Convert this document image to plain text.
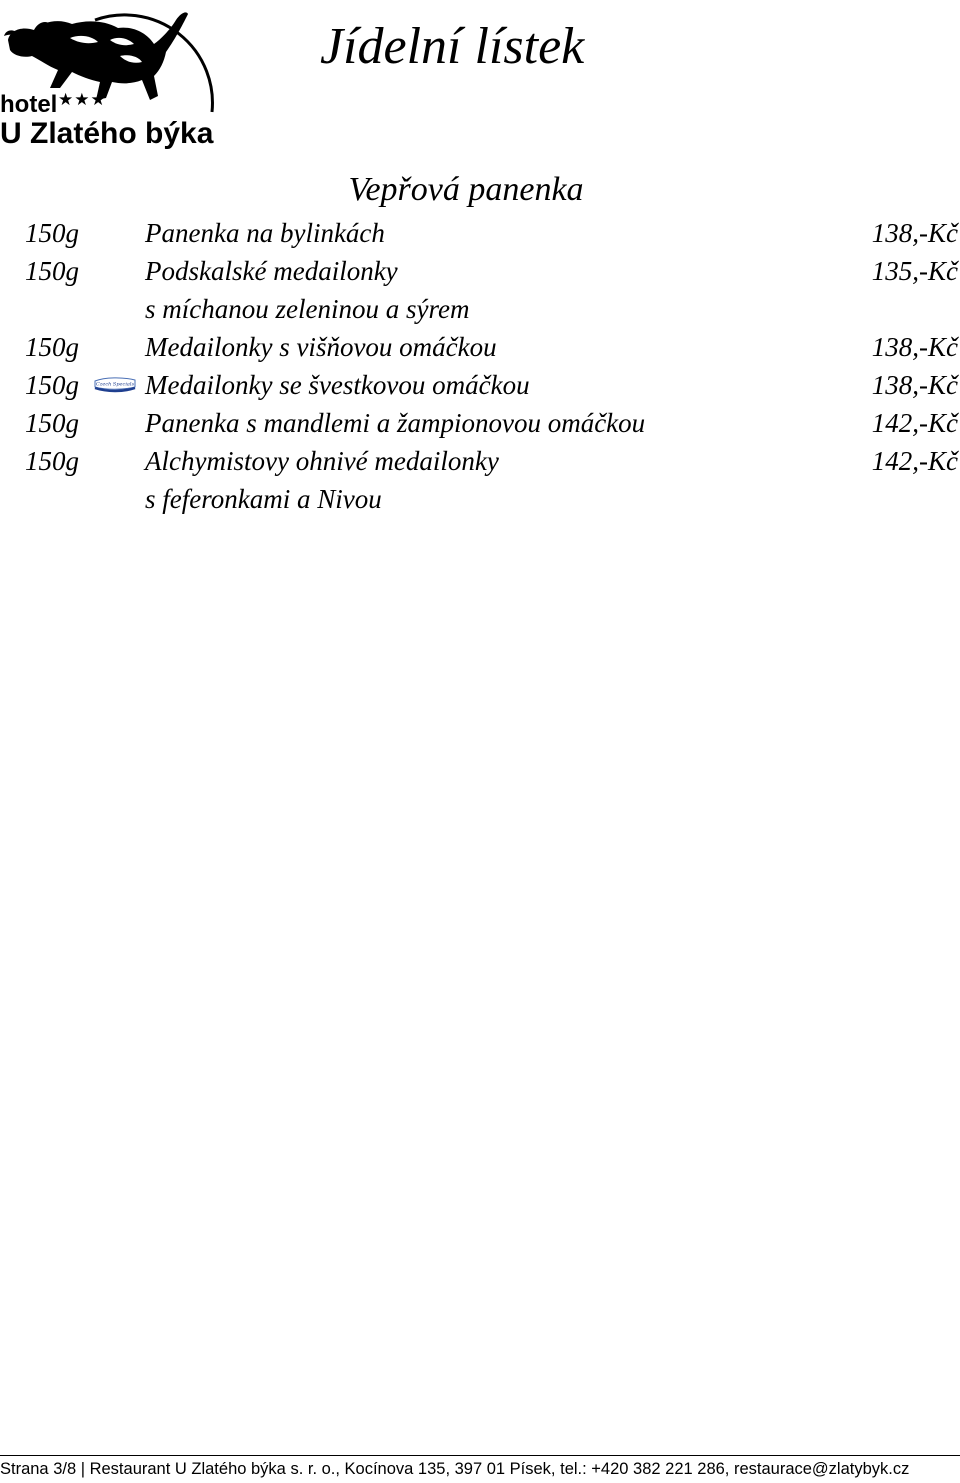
hotel ★★★
U Zlatého býka
Jídelní lístek
Vepřová panenka
150g Panenka na bylinkách	138,-Kč
150g Podskalské medailonky	135,-Kč
s míchanou zeleninou a sýrem
150g Medailonky s višňovou omáčkou	138,-Kč
150g	Czech Specials Medailonky se švestkovou omáčkou	138,-Kč
150g Panenka s mandlemi a žampionovou omáčkou	142,-Kč
150g Alchymistovy ohnivé medailonky	142,-Kč
s feferonkami a Nivou
Strana 3/8 | Restaurant U Zlatého býka s. r. o., Kocínova 135, 397 01 Písek, tel.: +420 382 221 286, restaurace@zlatybyk.cz
